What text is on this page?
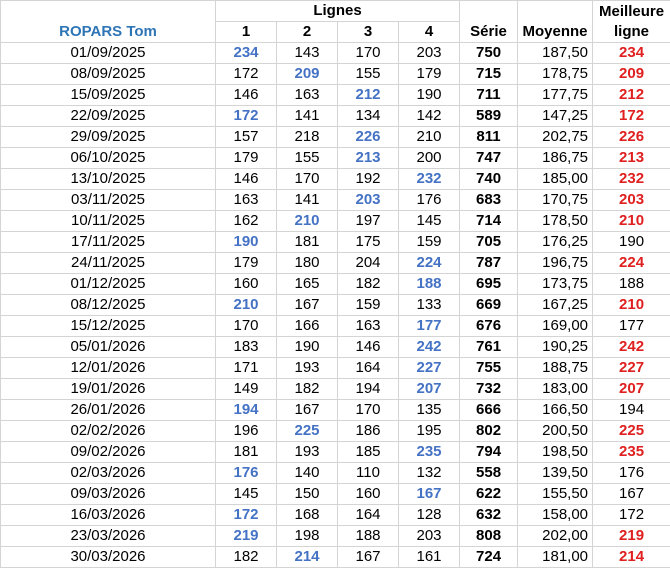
ROPARS Tom	Lignes				Série	Moyenne	Meilleure
ligne

	1	2	3	4			
01/09/2025	234	143	170	203	750	187,50	234
08/09/2025	172	209	155	179	715	178,75	209
15/09/2025	146	163	212	190	711	177,75	212
22/09/2025	172	141	134	142	589	147,25	172
29/09/2025	157	218	226	210	811	202,75	226
06/10/2025	179	155	213	200	747	186,75	213
13/10/2025	146	170	192	232	740	185,00	232
03/11/2025	163	141	203	176	683	170,75	203
10/11/2025	162	210	197	145	714	178,50	210
17/11/2025	190	181	175	159	705	176,25	190
24/11/2025	179	180	204	224	787	196,75	224
01/12/2025	160	165	182	188	695	173,75	188
08/12/2025	210	167	159	133	669	167,25	210
15/12/2025	170	166	163	177	676	169,00	177
05/01/2026	183	190	146	242	761	190,25	242
12/01/2026	171	193	164	227	755	188,75	227
19/01/2026	149	182	194	207	732	183,00	207
26/01/2026	194	167	170	135	666	166,50	194
02/02/2026	196	225	186	195	802	200,50	225
09/02/2026	181	193	185	235	794	198,50	235
02/03/2026	176	140	110	132	558	139,50	176
09/03/2026	145	150	160	167	622	155,50	167
16/03/2026	172	168	164	128	632	158,00	172
23/03/2026	219	198	188	203	808	202,00	219
30/03/2026	182	214	167	161	724	181,00	214
